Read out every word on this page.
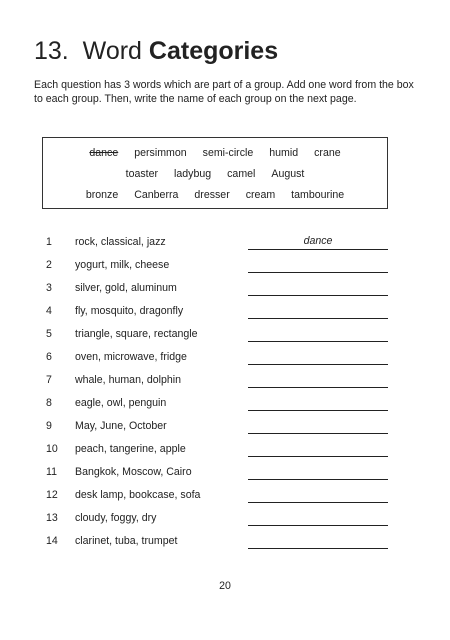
13. Word Categories

Each question has 3 words which are part of a group. Add one word from the box to each group. Then, write the name of each group on the next page.

dance persimmon semi-circle humid crane
toaster ladybug camel August
bronze Canberra dresser cream tambourine
1	rock, classical, jazz	dance
2	yogurt, milk, cheese
3	silver, gold, aluminum
4	fly, mosquito, dragonfly
5	triangle, square, rectangle
6	oven, microwave, fridge
7	whale, human, dolphin
8	eagle, owl, penguin
9	May, June, October
10	peach, tangerine, apple
11	Bangkok, Moscow, Cairo
12	desk lamp, bookcase, sofa
13	cloudy, foggy, dry
14	clarinet, tuba, trumpet
20
